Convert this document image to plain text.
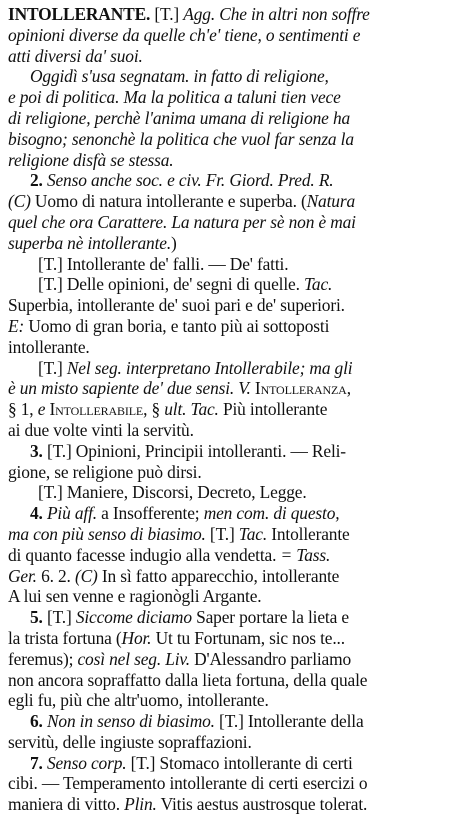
INTOLLERANTE. [T.] Agg. Che in altri non soffre
opinioni diverse da quelle ch'e' tiene, o sentimenti e
atti diversi da' suoi.
Oggidì s'usa segnatam. in fatto di religione,
e poi di politica. Ma la politica a taluni tien vece
di religione, perchè l'anima umana di religione ha
bisogno; senonchè la politica che vuol far senza la
religione disfà se stessa.
2. Senso anche soc. e civ. Fr. Giord. Pred. R.
(C) Uomo di natura intollerante e superba. (Natura
quel che ora Carattere. La natura per sè non è mai
superba nè intollerante.)
[T.] Intollerante de' falli. — De' fatti.
[T.] Delle opinioni, de' segni di quelle. Tac.
Superbia, intollerante de' suoi pari e de' superiori.
E: Uomo di gran boria, e tanto più ai sottoposti
intollerante.
[T.] Nel seg. interpretano Intollerabile; ma gli
è un misto sapiente de' due sensi. V. Intolleranza,
§ 1, e Intollerabile, § ult. Tac. Più intollerante
ai due volte vinti la servitù.
3. [T.] Opinioni, Principii intolleranti. — Reli-
gione, se religione può dirsi.
[T.] Maniere, Discorsi, Decreto, Legge.
4. Più aff. a Insofferente; men com. di questo,
ma con più senso di biasimo. [T.] Tac. Intollerante
di quanto facesse indugio alla vendetta. = Tass.
Ger. 6. 2. (C) In sì fatto apparecchio, intollerante
A lui sen venne e ragionògli Argante.
5. [T.] Siccome diciamo Saper portare la lieta e
la trista fortuna (Hor. Ut tu Fortunam, sic nos te...
feremus); così nel seg. Liv. D'Alessandro parliamo
non ancora sopraffatto dalla lieta fortuna, della quale
egli fu, più che altr'uomo, intollerante.
6. Non in senso di biasimo. [T.] Intollerante della
servitù, delle ingiuste sopraffazioni.
7. Senso corp. [T.] Stomaco intollerante di certi
cibi. — Temperamento intollerante di certi esercizi o
maniera di vitto. Plin. Vitis aestus austrosque tolerat.
